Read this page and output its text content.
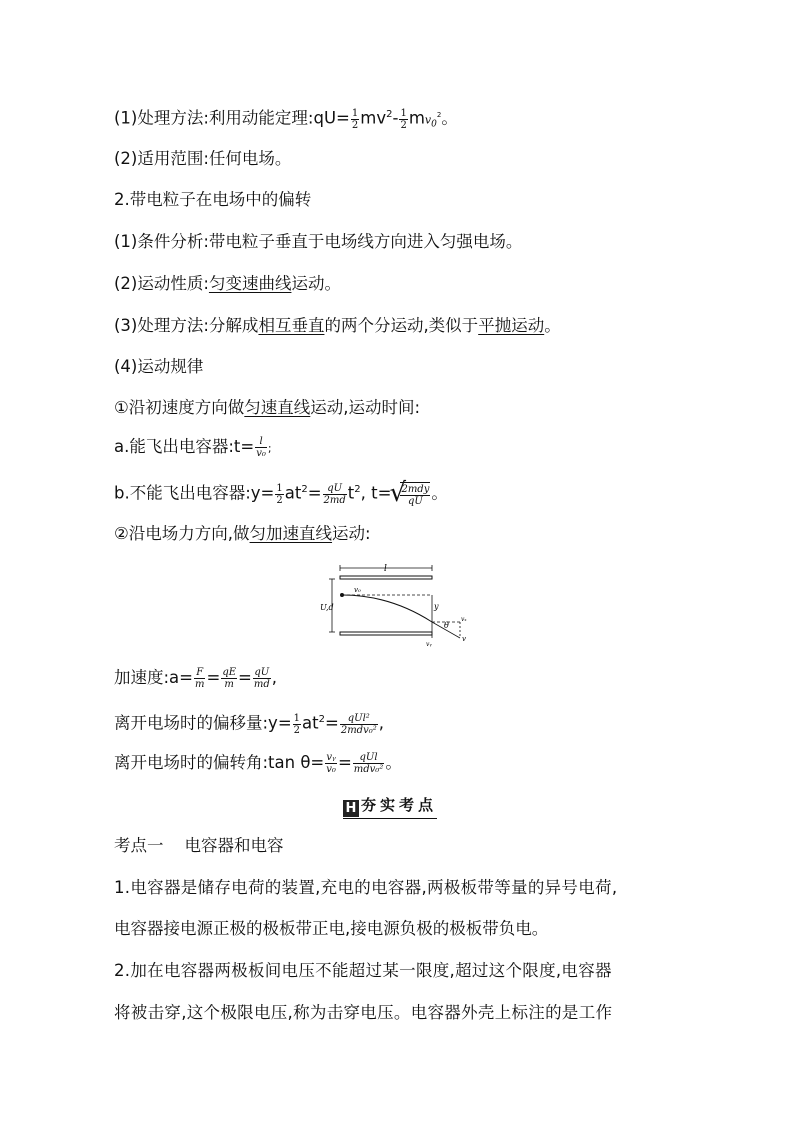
(1)处理方法:利用动能定理:qU= $\frac{1}{2} mv^2- \frac{1}{2} mv0^2$。
(2)适用范围:任何电场。
2.带电粒子在电场中的偏转
(1)条件分析:带电粒子垂直于电场线方向进入匀强电场。
(2)运动性质:匀变速曲线运动。
(3)处理方法:分解成相互垂直的两个分运动,类似于平抛运动。
(4)运动规律
①沿初速度方向做匀速直线运动,运动时间:
a.能飞出电容器:t= $\frac{l}{\text{v₀}}$ ;
b.不能飞出电容器:y= $\frac{1}{2} at^2= \frac{qU}{2md} t^2$, t=
√ $\frac{\text{2mdy}}{qU}$ 。
②沿电场力方向,做匀加速直线运动:
l
U,d
v₀
y
θ
vₓ
vᵧ
v
加速度:a= $\frac{F}{m} = \frac{qE}{m} = \frac{qU}{md}$ ,
离开电场时的偏移量:y= $\frac{1}{2} at^2= \frac{\text{qUl²}}{\text{2mdv₀²}}$ ,
离开电场时的偏转角:tan $\theta= \frac{\text{vᵧ}}{\text{v₀}} = \frac{\text{qUl}}{\text{mdv₀²}}$ 。
H 夯实考点
考点一    电容器和电容
1.电容器是储存电荷的装置,充电的电容器,两极板带等量的异号电荷,
电容器接电源正极的极板带正电,接电源负极的极板带负电。
2.加在电容器两极板间电压不能超过某一限度,超过这个限度,电容器
将被击穿,这个极限电压,称为击穿电压。电容器外壳上标注的是工作
